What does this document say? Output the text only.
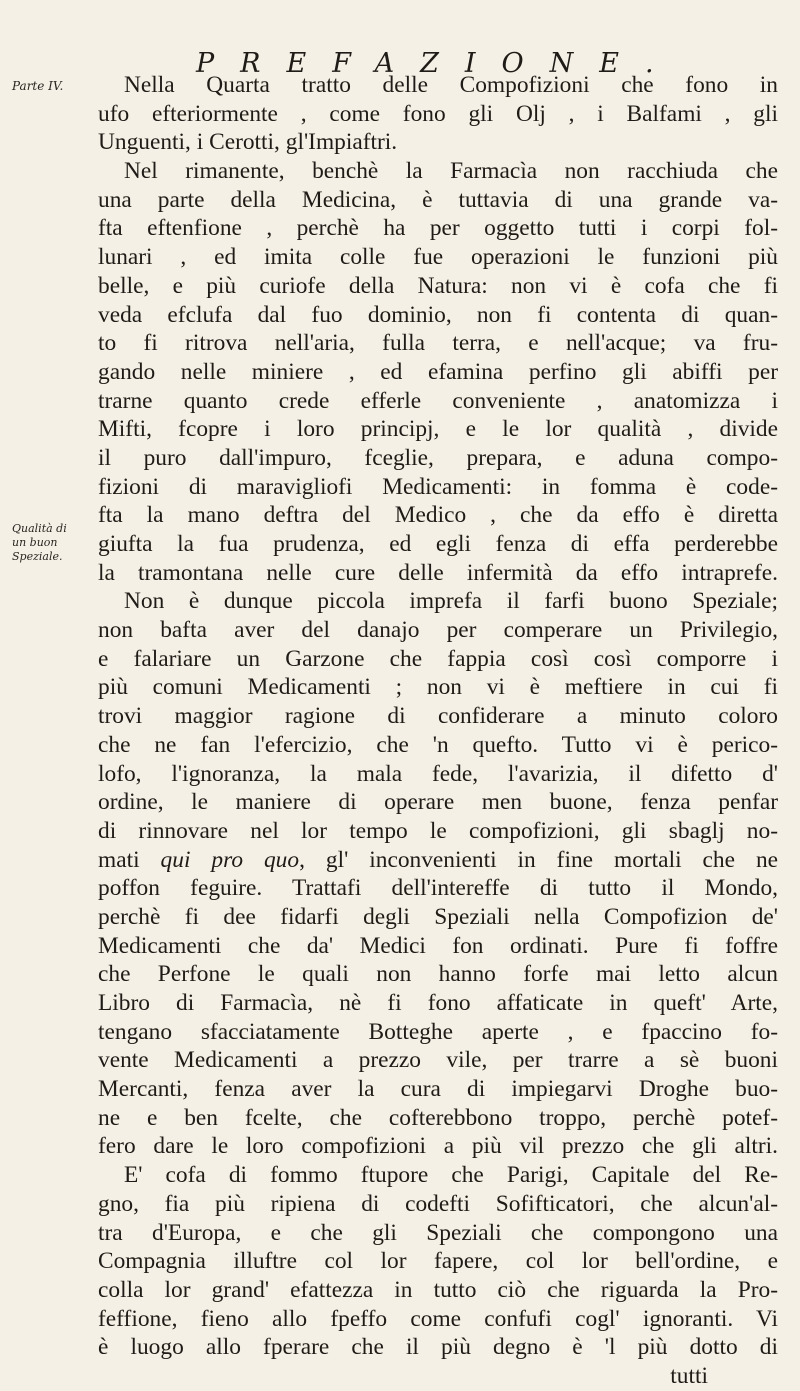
PREFAZIONE.
Parte IV.
Qualità di
un buon
Speziale.
Nella Quarta tratto delle Compofizioni che fono in
ufo efteriormente , come fono gli Olj , i Balfami , gli
Unguenti, i Cerotti, gl'Impiaftri.
Nel rimanente, benchè la Farmacìa non racchiuda che
una parte della Medicina, è tuttavia di una grande va-
fta eftenfione , perchè ha per oggetto tutti i corpi fol-
lunari , ed imita colle fue operazioni le funzioni più
belle, e più curiofe della Natura: non vi è cofa che fi
veda efclufa dal fuo dominio, non fi contenta di quan-
to fi ritrova nell'aria, fulla terra, e nell'acque; va fru-
gando nelle miniere , ed efamina perfino gli abiffi per
trarne quanto crede efferle conveniente , anatomizza i
Mifti, fcopre i loro principj, e le lor qualità , divide
il puro dall'impuro, fceglie, prepara, e aduna compo-
fizioni di maravigliofi Medicamenti: in fomma è code-
fta la mano deftra del Medico , che da effo è diretta
giufta la fua prudenza, ed egli fenza di effa perderebbe
la tramontana nelle cure delle infermità da effo intraprefe.
Non è dunque piccola imprefa il farfi buono Speziale;
non bafta aver del danajo per comperare un Privilegio,
e falariare un Garzone che fappia così così comporre i
più comuni Medicamenti ; non vi è meftiere in cui fi
trovi maggior ragione di confiderare a minuto coloro
che ne fan l'efercizio, che 'n quefto. Tutto vi è perico-
lofo, l'ignoranza, la mala fede, l'avarizia, il difetto d'
ordine, le maniere di operare men buone, fenza penfar
di rinnovare nel lor tempo le compofizioni, gli sbaglj no-
mati qui pro quo, gl' inconvenienti in fine mortali che ne
poffon feguire. Trattafi dell'intereffe di tutto il Mondo,
perchè fi dee fidarfi degli Speziali nella Compofizion de'
Medicamenti che da' Medici fon ordinati. Pure fi foffre
che Perfone le quali non hanno forfe mai letto alcun
Libro di Farmacìa, nè fi fono affaticate in queft' Arte,
tengano sfacciatamente Botteghe aperte , e fpaccino fo-
vente Medicamenti a prezzo vile, per trarre a sè buoni
Mercanti, fenza aver la cura di impiegarvi Droghe buo-
ne e ben fcelte, che cofterebbono troppo, perchè potef-
fero dare le loro compofizioni a più vil prezzo che gli altri.
E' cofa di fommo ftupore che Parigi, Capitale del Re-
gno, fia più ripiena di codefti Sofifticatori, che alcun'al-
tra d'Europa, e che gli Speziali che compongono una
Compagnia illuftre col lor fapere, col lor bell'ordine, e
colla lor grand' efattezza in tutto ciò che riguarda la Pro-
feffione, fieno allo fpeffo come confufi cogl' ignoranti. Vi
è luogo allo fperare che il più degno è 'l più dotto di
tutti
